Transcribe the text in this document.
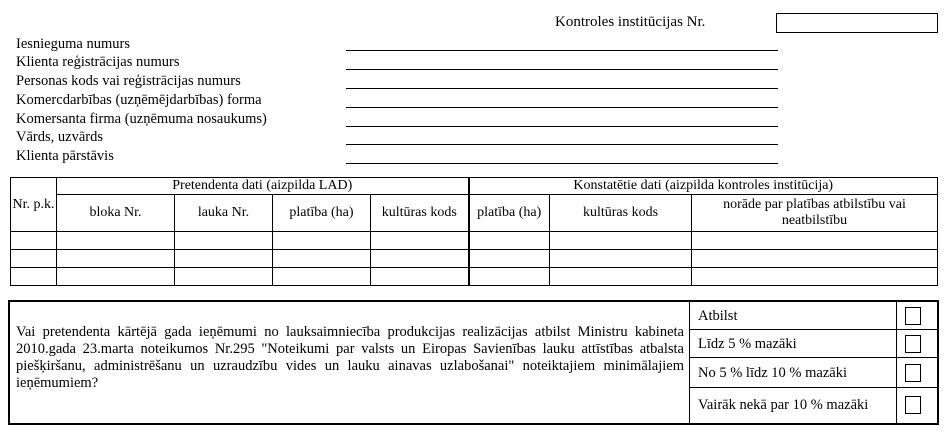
Kontroles institūcijas Nr.
Iesnieguma numurs
Klienta reģistrācijas numurs
Personas kods vai reģistrācijas numurs
Komercdarbības (uzņēmējdarbības) forma
Komersanta firma (uzņēmuma nosaukums)
Vārds, uzvārds
Klienta pārstāvis
Nr. p.k.	Pretendenta dati (aizpilda LAD)				Konstatētie dati (aizpilda kontroles institūcija)		
	bloka Nr.	lauka Nr.	platība (ha)	kultūras kods	platība (ha)	kultūras kods	norāde par platības atbilstību vai neatbilstību

Vai pretendenta kārtējā gada ieņēmumi no lauksaimniecība produkcijas realizācijas atbilst Ministru kabineta 2010.gada 23.marta noteikumos Nr.295 "Noteikumi par valsts un Eiropas Savienības lauku attīstības atbalsta piešķiršanu, administrēšanu un uzraudzību vides un lauku ainavas uzlabošanai" noteiktajiem minimālajiem ieņēmumiem?
Atbilst
Līdz 5 % mazāki
No 5 % līdz 10 % mazāki
Vairāk nekā par 10 % mazāki
